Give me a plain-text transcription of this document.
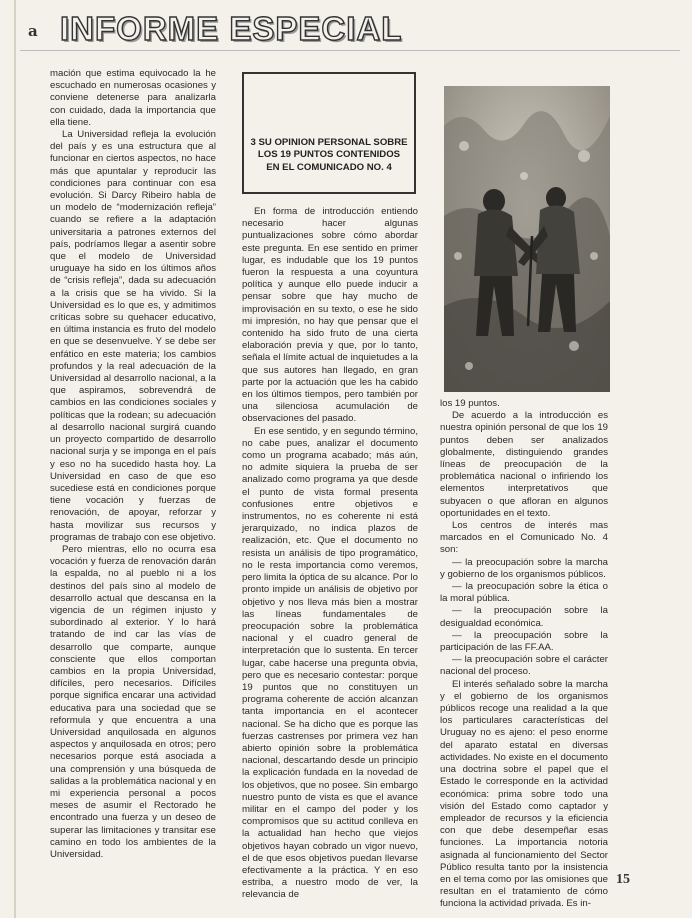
a INFORME ESPECIAL

mación que estima equivocado la he escuchado en numerosas ocasiones y conviene detenerse para analizarla con cuidado, dada la importancia que ella tiene.

La Universidad refleja la evolución del país y es una estructura que al funcionar en ciertos aspectos, no hace más que apuntalar y reproducir las condiciones para continuar con esa evolución. Si Darcy Ribeiro habla de un modelo de “modernización refleja” cuando se refiere a la adaptación universitaria a patrones externos del país, podríamos llegar a asentir sobre que el modelo de Universidad uruguaye ha sido en los últimos años de “crisis refleja”, dada su adecuación a la crisis que se ha vivido. Si la Universidad es lo que es, y admitimos críticas sobre su quehacer educativo, en última instancia es fruto del modelo en que se desenvuelve. Y se debe ser enfático en este materia; los cambios profundos y la real adecuación de la Universidad al desarrollo nacional, a la que aspiramos, sobrevendrá de cambios en las condiciones sociales y políticas que la rodean; su adecuación al desarrollo nacional surgirá cuando un proyecto compartido de desarrollo nacional surja y se imponga en el país y eso no ha sucedido hasta hoy. La Universidad en caso de que eso sucediese está en condiciones porque tiene vocación y fuerzas de renovación, de apoyar, reforzar y hasta movilizar sus recursos y programas de trabajo con ese objetivo.

Pero mientras, ello no ocurra esa vocación y fuerza de renovación darán la espalda, no al pueblo ni a los destinos del país sino al modelo de desarrollo actual que descansa en la vigencia de un régimen injusto y subordinado al exterior. Y lo hará tratando de ind car las vías de desarrollo que comparte, aunque consciente que ellos comportan cambios en la propia Universidad, difíciles, pero necesarios. Difíciles porque significa encarar una actividad educativa para una sociedad que se reformula y que encuentra a una Universidad anquilosada en algunos aspectos y anquilosada en otros; pero necesarios porque está asociada a una comprensión y una búsqueda de salidas a la problemática nacional y en mi experiencia personal a pocos meses de asumir el Rectorado he encontrado una fuerza y un deseo de superar las limitaciones y transitar ese camino en todo los ambientes de la Universidad.

3 SU OPINION PERSONAL SOBRE LOS 19 PUNTOS CONTENIDOS EN EL COMUNICADO NO. 4

En forma de introducción entiendo necesario hacer algunas puntualizaciones sobre cómo abordar este pregunta. En ese sentido en primer lugar, es indudable que los 19 puntos fueron la respuesta a una coyuntura política y aunque ello puede inducir a pensar sobre que hay mucho de improvisación en su texto, o ese he sido mi impresión, no hay que pensar que el contenido ha sido fruto de una cierta elaboración previa y que, por lo tanto, señala el límite actual de inquietudes a la que sus autores han llegado, en gran parte por la actuación que les ha cabido en los últimos tiempos, pero también por una silenciosa acumulación de observaciones del pasado.

En ese sentido, y en segundo término, no cabe pues, analizar el documento como un programa acabado; más aún, no admite siquiera la prueba de ser analizado como programa ya que desde el punto de vista formal presenta confusiones entre objetivos e instrumentos, no es coherente ni está jerarquizado, no indica plazos de realización, etc. Que el documento no resista un análisis de tipo programático, no le resta importancia como veremos, pero limita la óptica de su alcance. Por lo pronto impide un análisis de objetivo por objetivo y nos lleva más bien a mostrar las líneas fundamentales de preocupación sobre la problemática nacional y el cuadro general de interpretación que lo sustenta. En tercer lugar, cabe hacerse una pregunta obvia, pero que es necesario contestar: porque 19 puntos que no constituyen un programa coherente de acción alcanzan tanta importancia en el acontecer nacional. Se ha dicho que es porque las fuerzas castrenses por primera vez han abierto opinión sobre la problemática nacional, descartando desde un principio la explicación fundada en la novedad de los objetivos, que no posee. Sin embargo nuestro punto de vista es que el avance militar en el campo del poder y los compromisos que su actitud conlleva en la actualidad han hecho que viejos objetivos hayan cobrado un vigor nuevo, el de que esos objetivos puedan llevarse efectivamente a la práctica. Y en eso estriba, a nuestro modo de ver, la relevancia de

los 19 puntos.

De acuerdo a la introducción es nuestra opinión personal de que los 19 puntos deben ser analizados globalmente, distinguiendo grandes líneas de preocupación de la problemática nacional o infiriendo los elementos interpretativos que subyacen o que afloran en algunos oportunidades en el texto.

Los centros de interés mas marcados en el Comunicado No. 4 son:

— la preocupación sobre la marcha y gobierno de los organismos públicos.

— la preocupación sobre la ética o la moral pública.

— la preocupación sobre la desigualdad económica.

— la preocupación sobre la participación de las FF.AA.

— la preocupación sobre el carácter nacional del proceso.

El interés señalado sobre la marcha y el gobierno de los organismos públicos recoge una realidad a la que los particulares características del Uruguay no es ajeno: el peso enorme del aparato estatal en diversas actividades. No existe en el documento una doctrina sobre el papel que el Estado le corresponde en la actividad económica: prima sobre todo una visión del Estado como captador y empleador de recursos y la eficiencia con que debe desempeñar esas funciones. La importancia notoria asignada al funcionamiento del Sector Público resulta tanto por la insistencia en el tema como por las omisiones que resultan en el tratamiento de cómo funciona la actividad privada. Es in-

15
